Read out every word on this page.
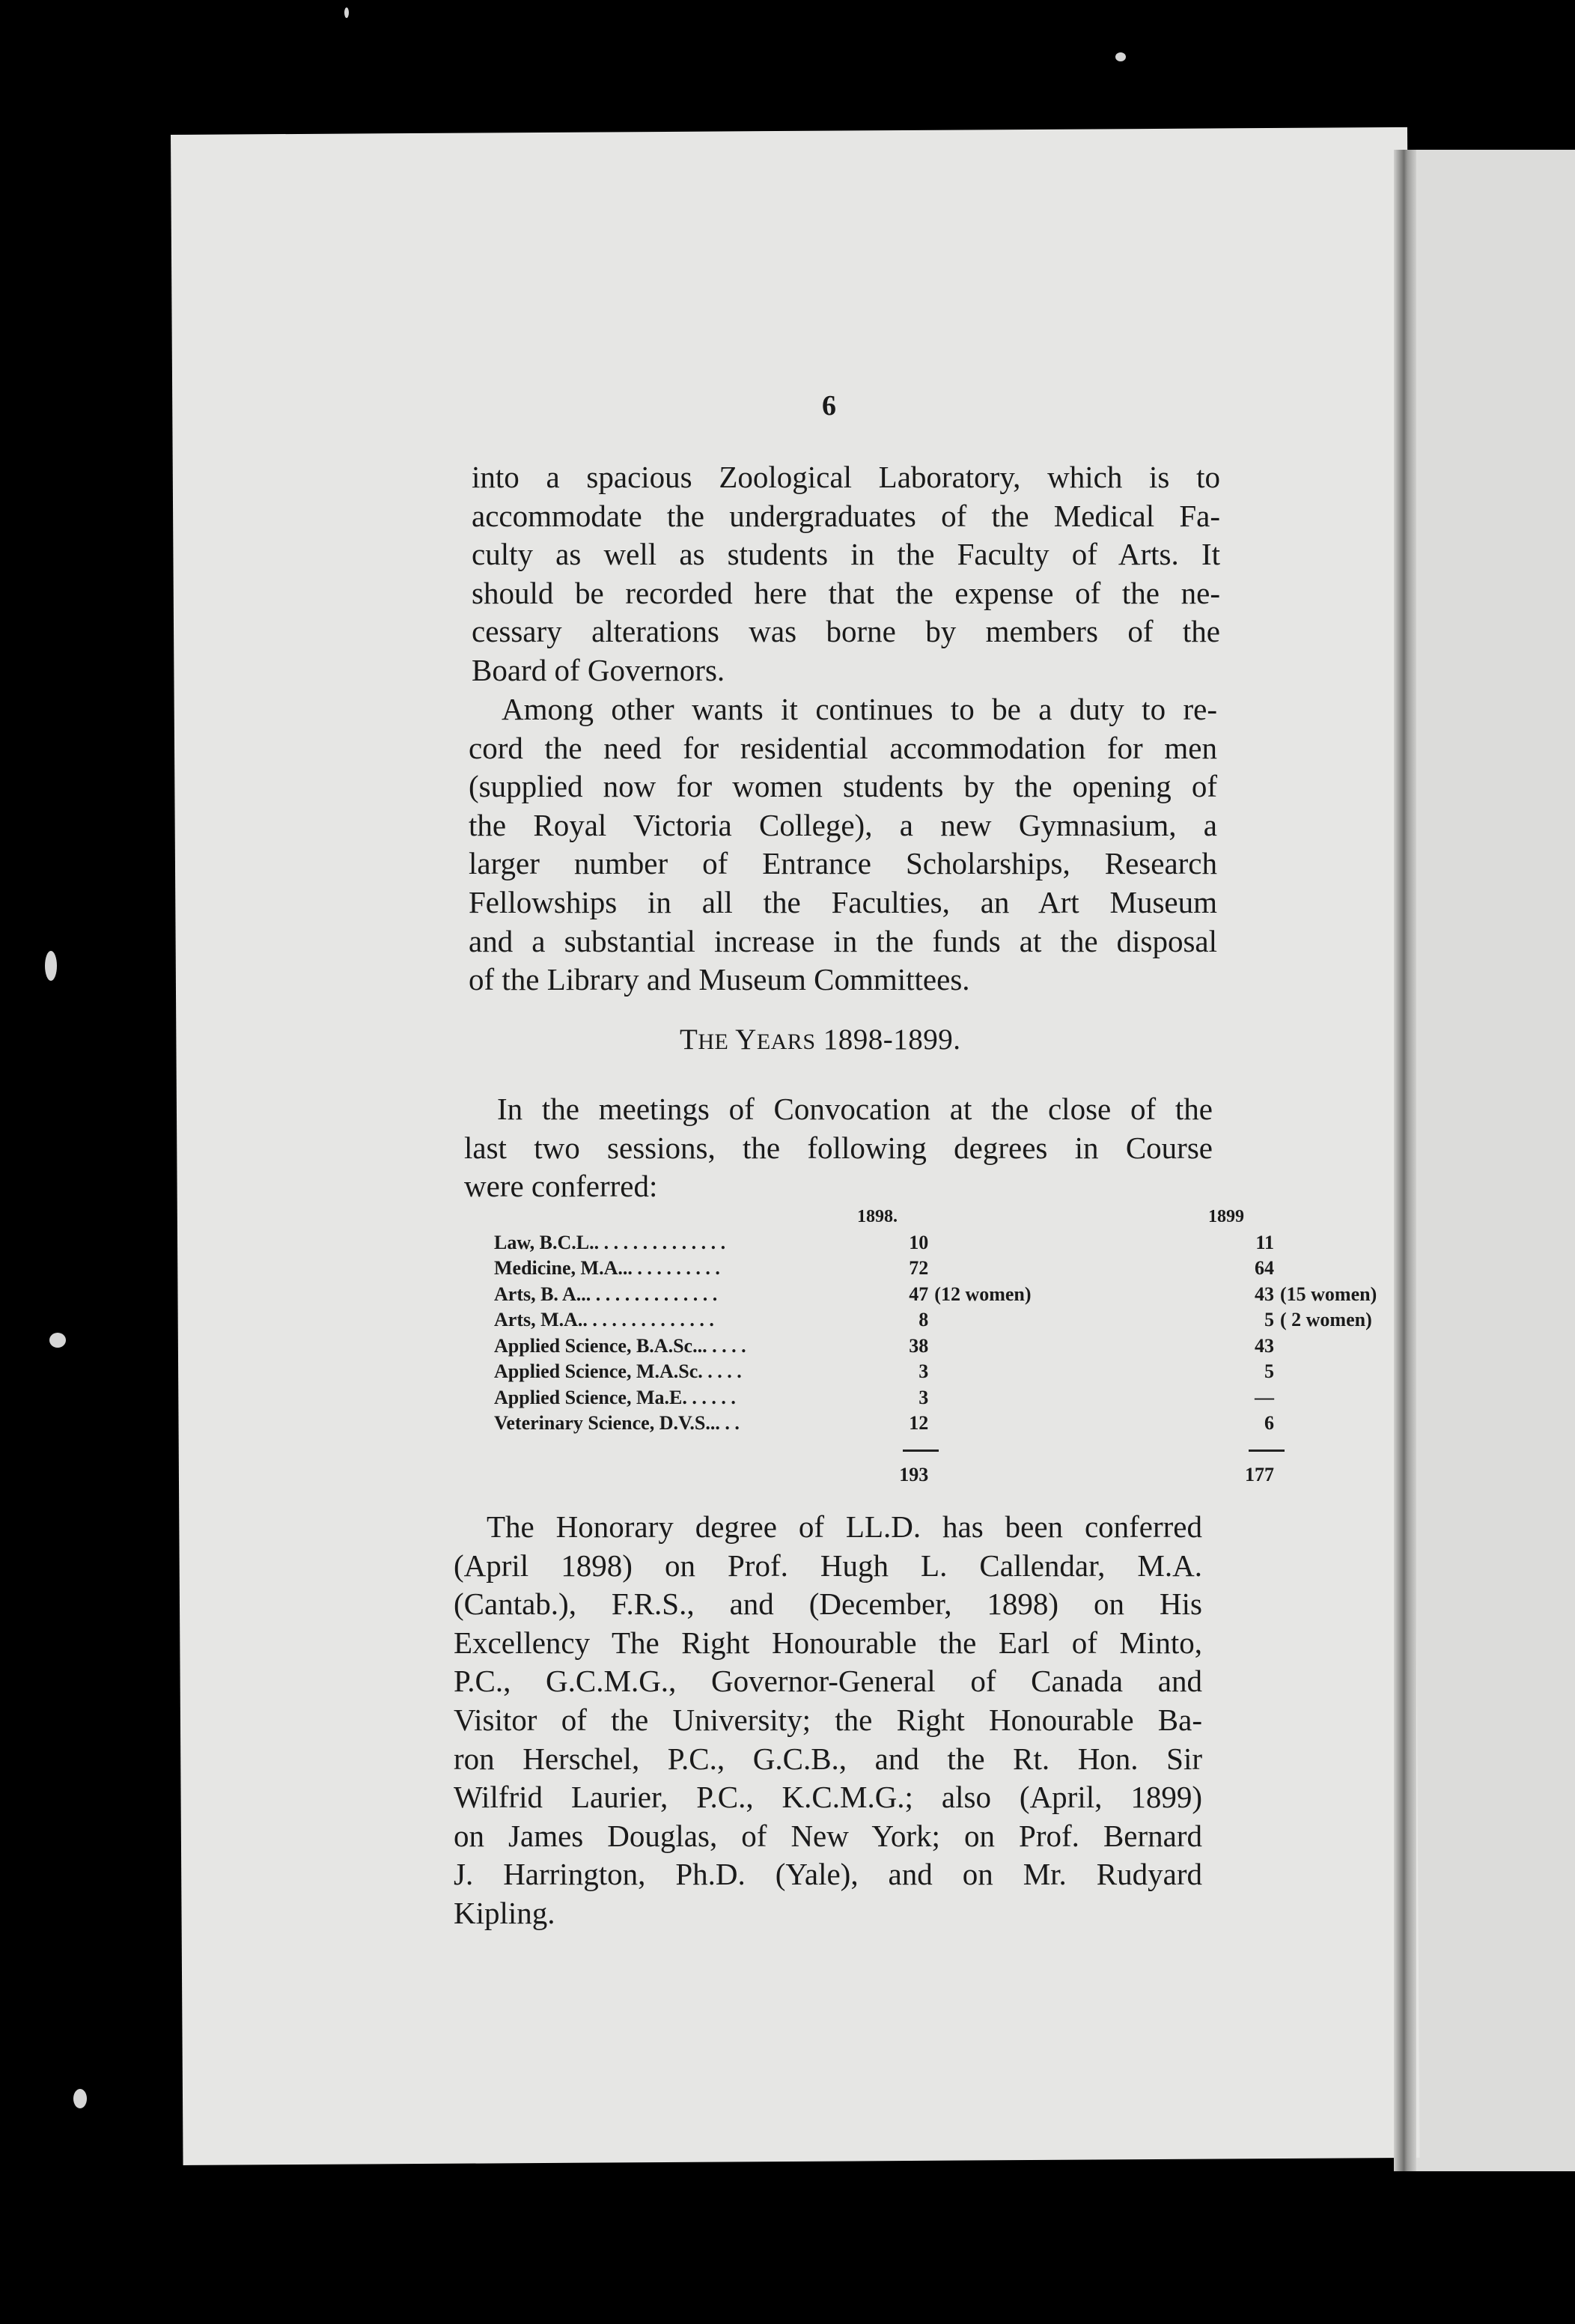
6
into a spacious Zoological Laboratory, which is to
accommodate the undergraduates of the Medical Fa-
culty as well as students in the Faculty of Arts. It
should be recorded here that the expense of the ne-
cessary alterations was borne by members of the
Board of Governors.
Among other wants it continues to be a duty to re-
cord the need for residential accommodation for men
(supplied now for women students by the opening of
the Royal Victoria College), a new Gymnasium, a
larger number of Entrance Scholarships, Research
Fellowships in all the Faculties, an Art Museum
and a substantial increase in the funds at the disposal
of the Library and Museum Committees.
THE YEARS 1898-1899.
In the meetings of Convocation at the close of the
last two sessions, the following degrees in Course
were conferred:
	1898.		1899	
Law, B.C.L.. . . . . . . . . . . . . .	10		11	
Medicine, M.A... . . . . . . . . .	72		64	
Arts, B. A... . . . . . . . . . . . . .	47	(12 women)	43	(15 women)
Arts, M.A.. . . . . . . . . . . . . .	8		5	( 2 women)
Applied Science, B.A.Sc... . . . .	38		43	
Applied Science, M.A.Sc. . . . .	3		5	
Applied Science, Ma.E. . . . . .	3		—	
Veterinary Science, D.V.S... . .	12		6	

	193		177	
The Honorary degree of LL.D. has been conferred
(April 1898) on Prof. Hugh L. Callendar, M.A.
(Cantab.), F.R.S., and (December, 1898) on His
Excellency The Right Honourable the Earl of Minto,
P.C., G.C.M.G., Governor-General of Canada and
Visitor of the University; the Right Honourable Ba-
ron Herschel, P.C., G.C.B., and the Rt. Hon. Sir
Wilfrid Laurier, P.C., K.C.M.G.; also (April, 1899)
on James Douglas, of New York; on Prof. Bernard
J. Harrington, Ph.D. (Yale), and on Mr. Rudyard
Kipling.
